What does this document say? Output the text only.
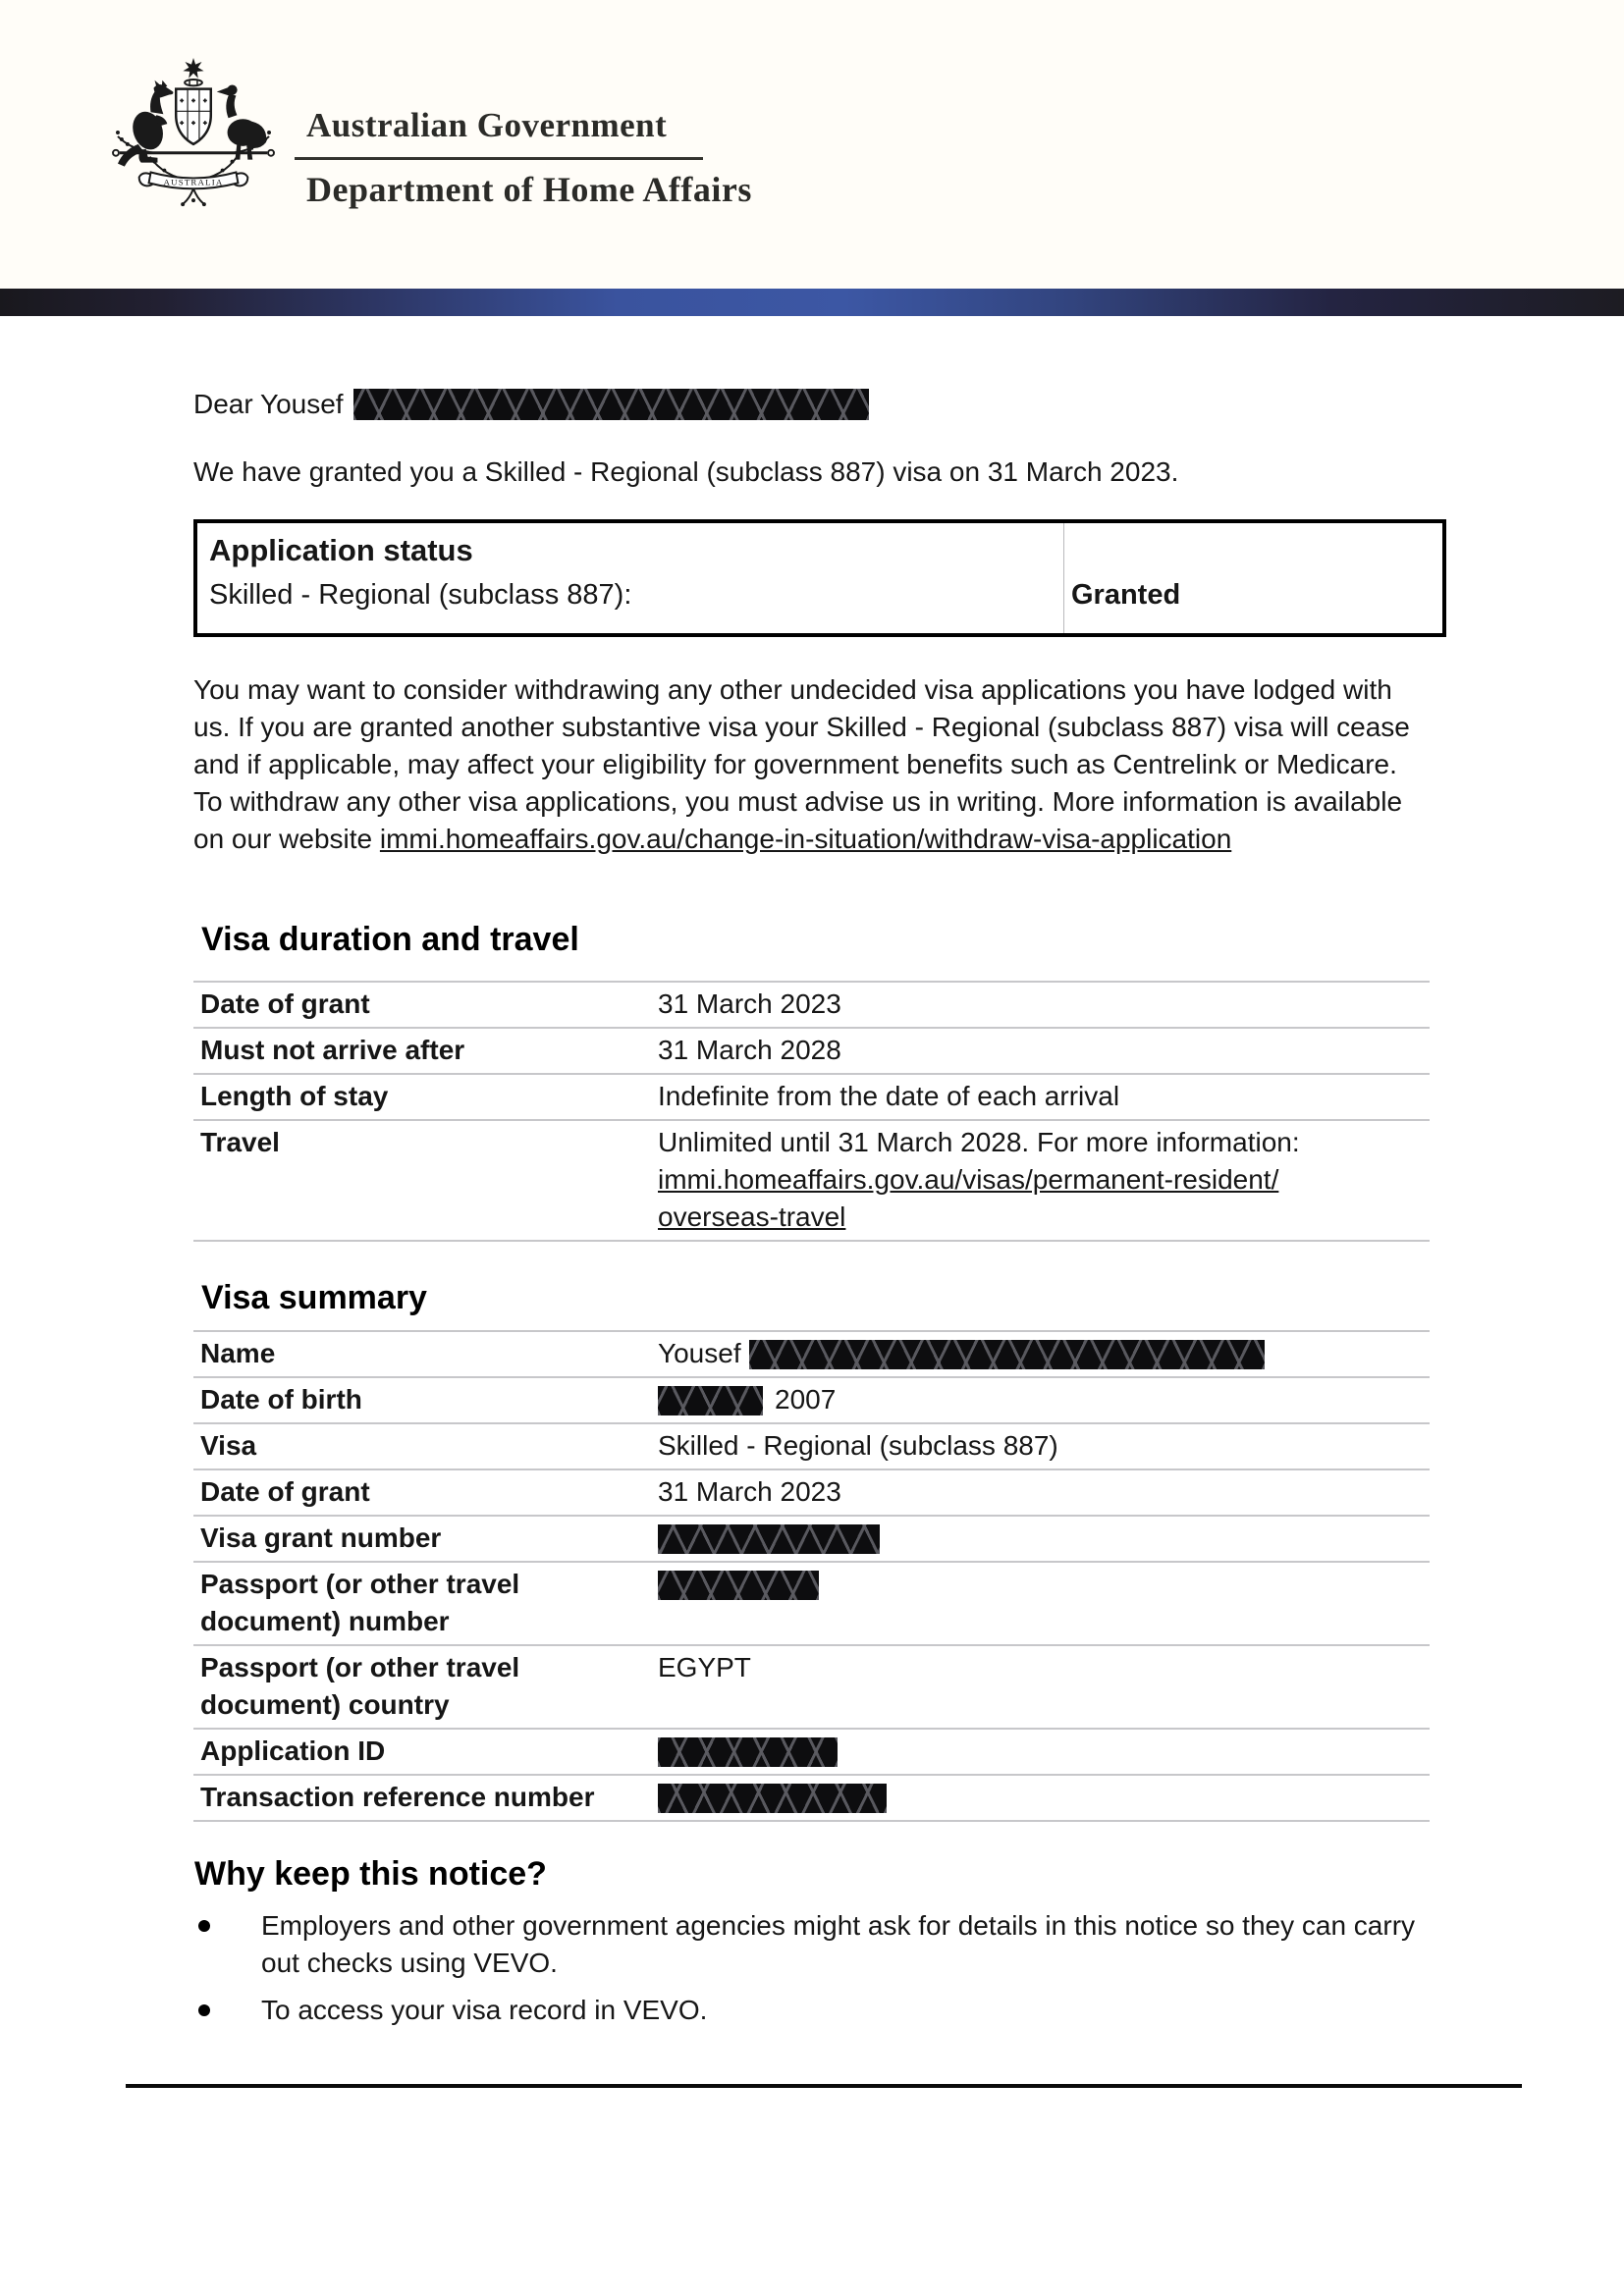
AUSTRALIA
Australian Government
Department of Home Affairs
Dear Yousef
We have granted you a Skilled - Regional (subclass 887) visa on 31 March 2023.
Application status
Skilled - Regional (subclass 887):	Granted
You may want to consider withdrawing any other undecided visa applications you have lodged with us. If you are granted another substantive visa your Skilled - Regional (subclass 887) visa will cease and if applicable, may affect your eligibility for government benefits such as Centrelink or Medicare. To withdraw any other visa applications, you must advise us in writing. More information is available on our website immi.homeaffairs.gov.au/change-in-situation/withdraw-visa-application
Visa duration and travel
Date of grant	31 March 2023
Must not arrive after	31 March 2028
Length of stay	Indefinite from the date of each arrival
Travel	Unlimited until 31 March 2028. For more information: immi.homeaffairs.gov.au/visas/permanent-resident/
overseas-travel
Visa summary
Name	Yousef
Date of birth	2007
Visa	Skilled - Regional (subclass 887)
Date of grant	31 March 2023
Visa grant number	
Passport (or other travel document) number	
Passport (or other travel document) country	EGYPT
Application ID	
Transaction reference number	
Why keep this notice?
Employers and other government agencies might ask for details in this notice so they can carry out checks using VEVO.
To access your visa record in VEVO.
